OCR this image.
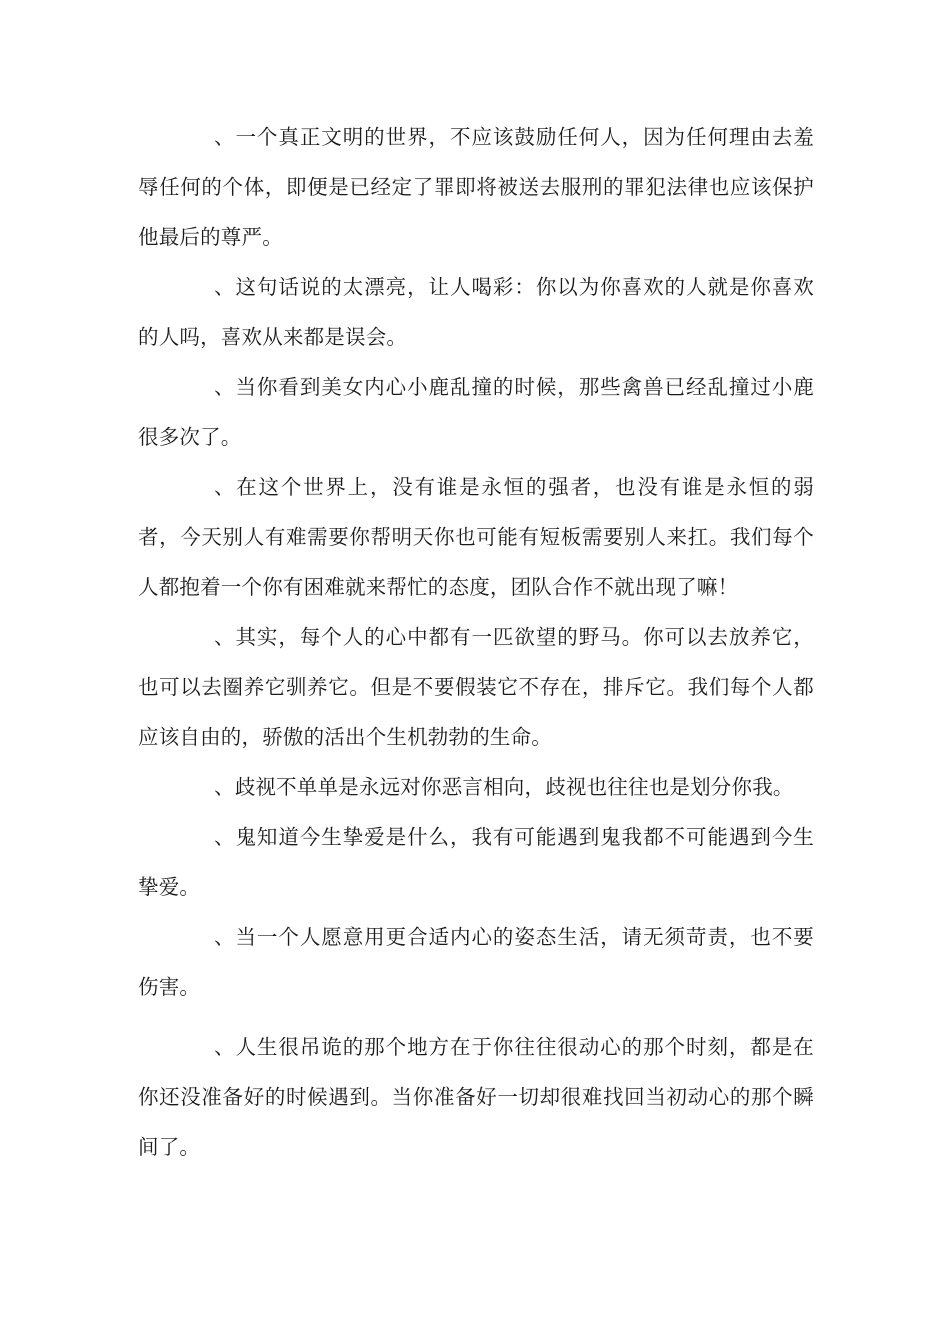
、一个真正文明的世界，不应该鼓励任何人，因为任何理由去羞辱任何的个体，即便是已经定了罪即将被送去服刑的罪犯法律也应该保护他最后的尊严。

、这句话说的太漂亮，让人喝彩：你以为你喜欢的人就是你喜欢的人吗，喜欢从来都是误会。

、当你看到美女内心小鹿乱撞的时候，那些禽兽已经乱撞过小鹿很多次了。

、在这个世界上，没有谁是永恒的强者，也没有谁是永恒的弱者，今天别人有难需要你帮明天你也可能有短板需要别人来扛。我们每个人都抱着一个你有困难就来帮忙的态度，团队合作不就出现了嘛！

、其实，每个人的心中都有一匹欲望的野马。你可以去放养它，也可以去圈养它驯养它。但是不要假装它不存在，排斥它。我们每个人都应该自由的，骄傲的活出个生机勃勃的生命。

、歧视不单单是永远对你恶言相向，歧视也往往也是划分你我。

、鬼知道今生挚爱是什么，我有可能遇到鬼我都不可能遇到今生挚爱。

、当一个人愿意用更合适内心的姿态生活，请无须苛责，也不要伤害。

、人生很吊诡的那个地方在于你往往很动心的那个时刻，都是在你还没准备好的时候遇到。当你准备好一切却很难找回当初动心的那个瞬间了。
